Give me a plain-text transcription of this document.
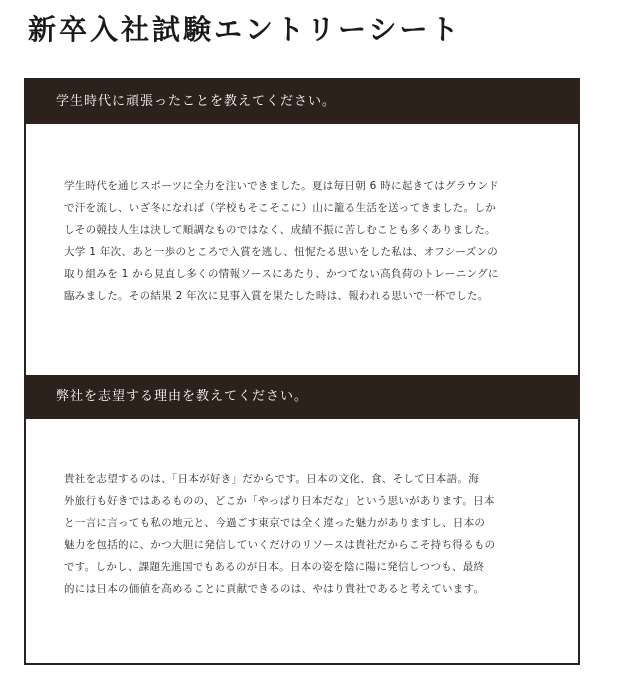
新卒入社試験エントリーシート
学生時代に頑張ったことを教えてください。
学生時代を通じスポーツに全力を注いできました。夏は毎日朝 6 時に起きてはグラウンド
で汗を流し、いざ冬になれば（学校もそこそこに）山に籠る生活を送ってきました。しか
しその競技人生は決して順調なものではなく、成績不振に苦しむことも多くありました。
大学 1 年次、あと一歩のところで入賞を逃し、忸怩たる思いをした私は、オフシーズンの
取り組みを 1 から見直し多くの情報ソースにあたり、かつてない高負荷のトレーニングに
臨みました。その結果 2 年次に見事入賞を果たした時は、報われる思いで一杯でした。
弊社を志望する理由を教えてください。
貴社を志望するのは、「日本が好き」だからです。日本の文化、食、そして日本語。海
外旅行も好きではあるものの、どこか「やっぱり日本だな」という思いがあります。日本
と一言に言っても私の地元と、今過ごす東京では全く違った魅力がありますし、日本の
魅力を包括的に、かつ大胆に発信していくだけのリソースは貴社だからこそ持ち得るもの
です。しかし、課題先進国でもあるのが日本。日本の姿を陰に陽に発信しつつも、最終
的には日本の価値を高めることに貢献できるのは、やはり貴社であると考えています。
